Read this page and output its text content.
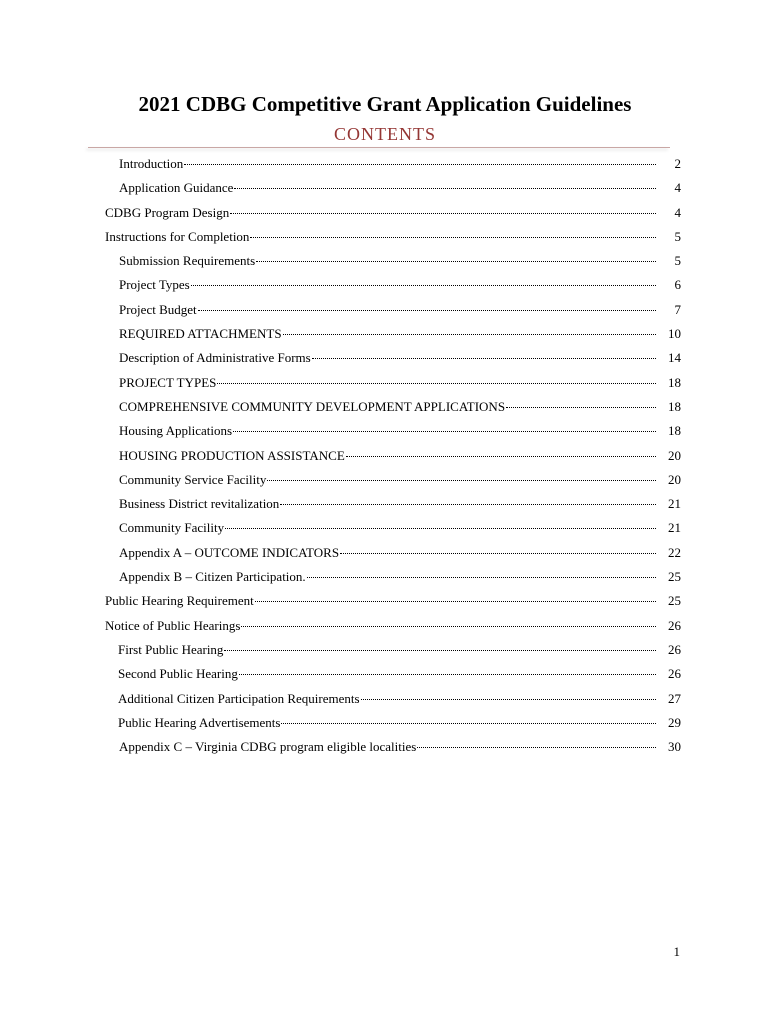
2021 CDBG Competitive Grant Application Guidelines
CONTENTS
Introduction	2
Application Guidance	4
CDBG Program Design	4
Instructions for Completion	5
Submission Requirements	5
Project Types	6
Project Budget	7
REQUIRED ATTACHMENTS	10
Description of Administrative Forms	14
PROJECT TYPES	18
COMPREHENSIVE COMMUNITY DEVELOPMENT APPLICATIONS	18
Housing Applications	18
HOUSING PRODUCTION ASSISTANCE	20
Community Service Facility	20
Business District revitalization	21
Community Facility	21
Appendix A – OUTCOME INDICATORS	22
Appendix B – Citizen Participation.	25
Public Hearing Requirement	25
Notice of Public Hearings	26
First Public Hearing	26
Second Public Hearing	26
Additional Citizen Participation Requirements	27
Public Hearing Advertisements	29
Appendix C – Virginia CDBG program eligible localities	30
1
